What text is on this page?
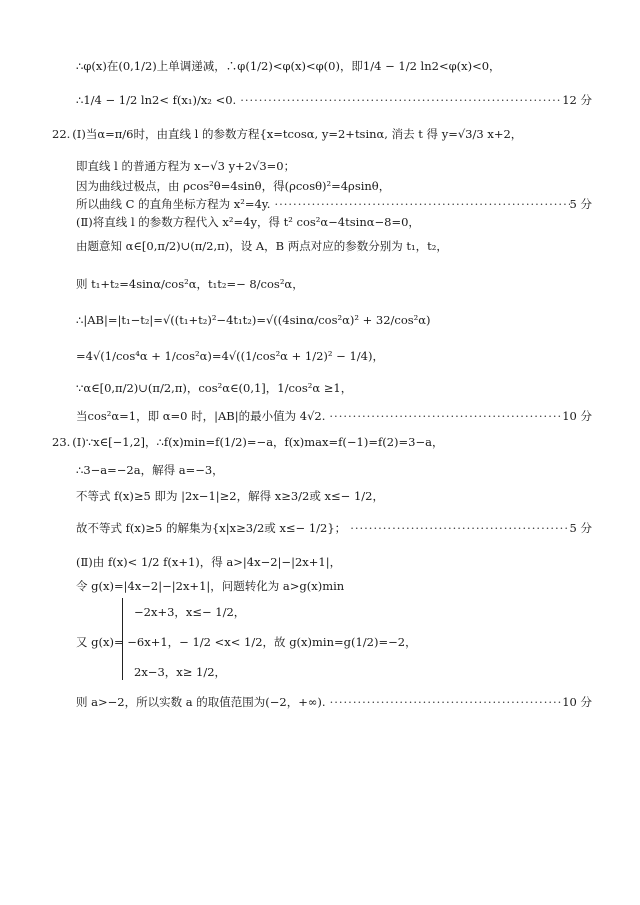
∴φ(x)在(0,1/2)上单调递减，∴φ(1/2)<φ(x)<φ(0)，即1/4 − 1/2 ln2<φ(x)<0，
∴1/4 − 1/2 ln2< f(x₁)/x₂ <0. ·····	12 分
22. (Ⅰ)当α=π/6时，由直线 l 的参数方程{x=tcosα, y=2+tsinα, 消去 t 得 y=√3/3 x+2，
即直线 l 的普通方程为 x−√3 y+2√3=0；
因为曲线过极点，由 ρcos²θ=4sinθ，得(ρcosθ)²=4ρsinθ，
所以曲线 C 的直角坐标方程为 x²=4y. ·····	5 分
(Ⅱ)将直线 l 的参数方程代入 x²=4y，得 t² cos²α−4tsinα−8=0，
由题意知 α∈[0,π/2)∪(π/2,π)，设 A，B 两点对应的参数分别为 t₁，t₂，
则 t₁+t₂=4sinα/cos²α，t₁t₂=− 8/cos²α，
∴|AB|=|t₁−t₂|=√((t₁+t₂)²−4t₁t₂)=√((4sinα/cos²α)² + 32/cos²α)
=4√(1/cos⁴α + 1/cos²α)=4√((1/cos²α + 1/2)² − 1/4)，
∵α∈[0,π/2)∪(π/2,π)，cos²α∈(0,1]，1/cos²α ≥1，
当cos²α=1，即 α=0 时，|AB|的最小值为 4√2. ·····	10 分
23. (Ⅰ)∵x∈[−1,2]，∴f(x)min=f(1/2)=−a，f(x)max=f(−1)=f(2)=3−a，
∴3−a=−2a，解得 a=−3，
不等式 f(x)≥5 即为 |2x−1|≥2，解得 x≥3/2或 x≤− 1/2，
故不等式 f(x)≥5 的解集为{x|x≥3/2或 x≤− 1/2}； ·····	5 分
(Ⅱ)由 f(x)< 1/2 f(x+1)，得 a>|4x−2|−|2x+1|，
令 g(x)=|4x−2|−|2x+1|，问题转化为 a>g(x)min
−2x+3，x≤− 1/2，
又 g(x)= −6x+1，− 1/2 <x< 1/2，故 g(x)min=g(1/2)=−2，
2x−3，x≥ 1/2，
则 a>−2，所以实数 a 的取值范围为(−2，+∞). ·····	10 分
